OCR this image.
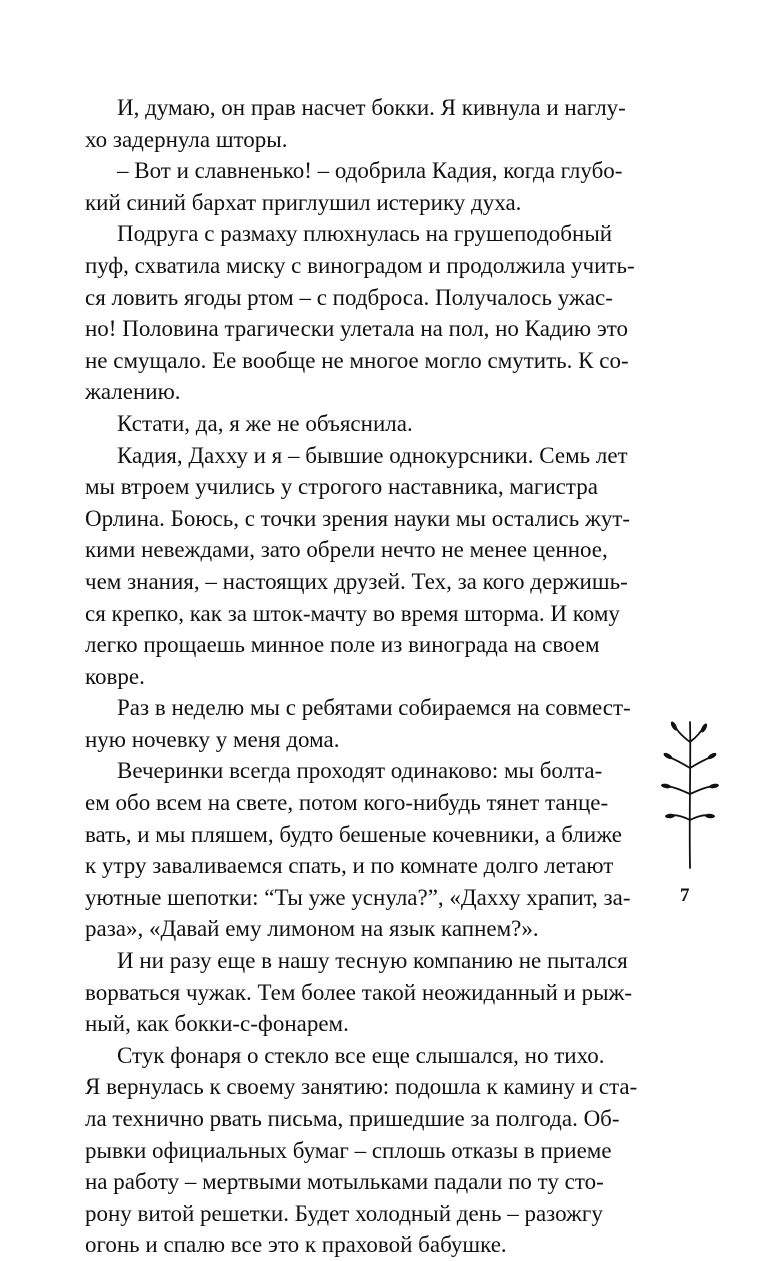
И, думаю, он прав насчет бокки. Я кивнула и наглу-
хо задернула шторы.
– Вот и славненько! – одобрила Кадия, когда глубо-
кий синий бархат приглушил истерику духа.
Подруга с размаху плюхнулась на грушеподобный
пуф, схватила миску с виноградом и продолжила учить-
ся ловить ягоды ртом – с подброса. Получалось ужас-
но! Половина трагически улетала на пол, но Кадию это
не смущало. Ее вообще не многое могло смутить. К со-
жалению.
Кстати, да, я же не объяснила.
Кадия, Дахху и я – бывшие однокурсники. Семь лет
мы втроем учились у строгого наставника, магистра
Орлина. Боюсь, с точки зрения науки мы остались жут-
кими невеждами, зато обрели нечто не менее ценное,
чем знания, – настоящих друзей. Тех, за кого держишь-
ся крепко, как за шток-мачту во время шторма. И кому
легко прощаешь минное поле из винограда на своем
ковре.
Раз в неделю мы с ребятами собираемся на совмест-
ную ночевку у меня дома.
Вечеринки всегда проходят одинаково: мы болта-
ем обо всем на свете, потом кого-нибудь тянет танце-
вать, и мы пляшем, будто бешеные кочевники, а ближе
к утру заваливаемся спать, и по комнате долго летают
уютные шепотки: “Ты уже уснула?”, «Дахху храпит, за-
раза», «Давай ему лимоном на язык капнем?».
И ни разу еще в нашу тесную компанию не пытался
ворваться чужак. Тем более такой неожиданный и рыж-
ный, как бокки-с-фонарем.
Стук фонаря о стекло все еще слышался, но тихо.
Я вернулась к своему занятию: подошла к камину и ста-
ла технично рвать письма, пришедшие за полгода. Об-
рывки официальных бумаг – сплошь отказы в приеме
на работу – мертвыми мотыльками падали по ту сто-
рону витой решетки. Будет холодный день – разожгу
огонь и спалю все это к праховой бабушке.
7
